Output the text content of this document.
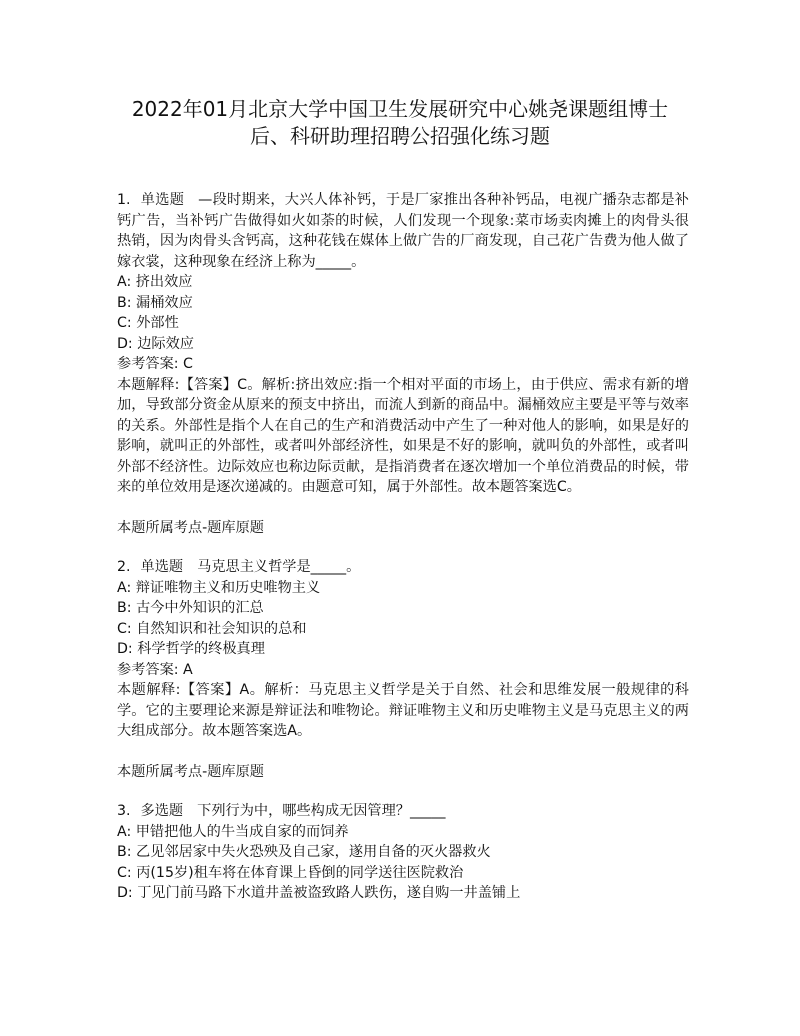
2022年01月北京大学中国卫生发展研究中心姚尧课题组博士
后、科研助理招聘公招强化练习题

1. 单选题 —段时期来，大兴人体补钙，于是厂家推出各种补钙品，电视广播杂志都是补钙广告，当补钙广告做得如火如荼的时候，人们发现一个现象:菜市场卖肉摊上的肉骨头很热销，因为肉骨头含钙高，这种花钱在媒体上做广告的厂商发现，自己花广告费为他人做了嫁衣裳，这种现象在经济上称为_____。

A: 挤出效应

B: 漏桶效应

C: 外部性

D: 边际效应

参考答案: C

本题解释:【答案】C。解析:挤出效应:指一个相对平面的市场上，由于供应、需求有新的增加，导致部分资金从原来的预支中挤出，而流人到新的商品中。漏桶效应主要是平等与效率的关系。外部性是指个人在自己的生产和消费活动中产生了一种对他人的影响，如果是好的影响，就叫正的外部性，或者叫外部经济性，如果是不好的影响，就叫负的外部性，或者叫外部不经济性。边际效应也称边际贡献，是指消费者在逐次增加一个单位消费品的时候，带来的单位效用是逐次递减的。由题意可知，属于外部性。故本题答案选C。

本题所属考点-题库原题

2. 单选题 马克思主义哲学是_____。

A: 辩证唯物主义和历史唯物主义

B: 古今中外知识的汇总

C: 自然知识和社会知识的总和

D: 科学哲学的终极真理

参考答案: A

本题解释:【答案】A。解析：马克思主义哲学是关于自然、社会和思维发展一般规律的科学。它的主要理论来源是辩证法和唯物论。辩证唯物主义和历史唯物主义是马克思主义的两大组成部分。故本题答案选A。

本题所属考点-题库原题

3. 多选题 下列行为中，哪些构成无因管理？_____

A: 甲错把他人的牛当成自家的而饲养

B: 乙见邻居家中失火恐殃及自己家，遂用自备的灭火器救火

C: 丙(15岁)租车将在体育课上昏倒的同学送往医院救治

D: 丁见门前马路下水道井盖被盗致路人跌伤，遂自购一井盖铺上
